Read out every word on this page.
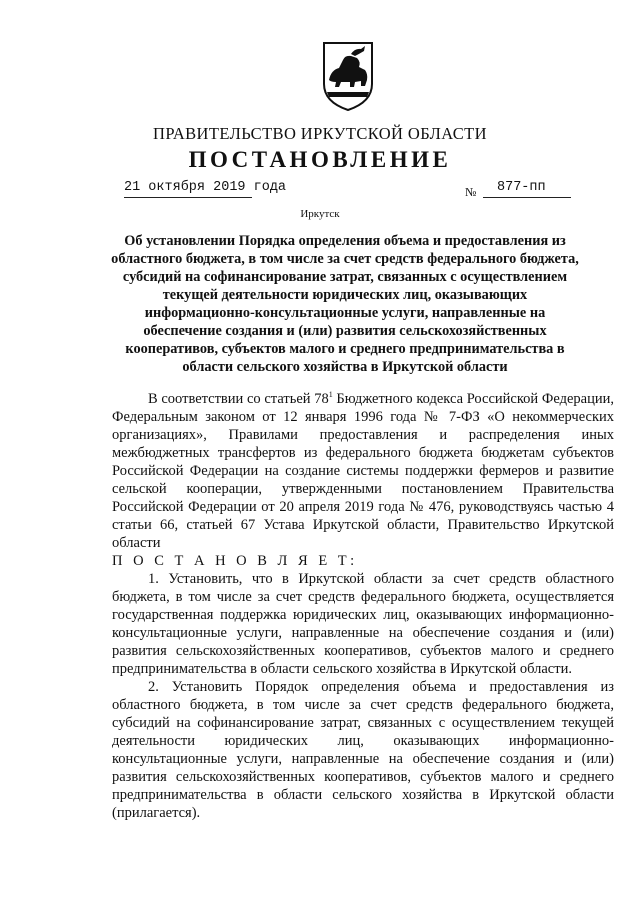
ПРАВИТЕЛЬСТВО ИРКУТСКОЙ ОБЛАСТИ
ПОСТАНОВЛЕНИЕ
21 октября 2019 года	№	877-пп
Иркутск
Об установлении Порядка определения объема и предоставления из областного бюджета, в том числе за счет средств федерального бюджета, субсидий на софинансирование затрат, связанных с осуществлением текущей деятельности юридических лиц, оказывающих информационно-консультационные услуги, направленные на обеспечение создания и (или) развития сельскохозяйственных кооперативов, субъектов малого и среднего предпринимательства в области сельского хозяйства в Иркутской области

В соответствии со статьей $78^1$ Бюджетного кодекса Российской Федерации, Федеральным законом от 12 января 1996 года № 7-ФЗ «О некоммерческих организациях», Правилами предоставления и распределения иных межбюджетных трансфертов из федерального бюджета бюджетам субъектов Российской Федерации на создание системы поддержки фермеров и развитие сельской кооперации, утвержденными постановлением Правительства Российской Федерации от 20 апреля 2019 года № 476, руководствуясь частью 4 статьи 66, статьей 67 Устава Иркутской области, Правительство Иркутской области

П О С Т А Н О В Л Я Е Т:

1. Установить, что в Иркутской области за счет средств областного бюджета, в том числе за счет средств федерального бюджета, осуществляется государственная поддержка юридических лиц, оказывающих информационно-консультационные услуги, направленные на обеспечение создания и (или) развития сельскохозяйственных кооперативов, субъектов малого и среднего предпринимательства в области сельского хозяйства в Иркутской области.

2. Установить Порядок определения объема и предоставления из областного бюджета, в том числе за счет средств федерального бюджета, субсидий на софинансирование затрат, связанных с осуществлением текущей деятельности юридических лиц, оказывающих информационно-консультационные услуги, направленные на обеспечение создания и (или) развития сельскохозяйственных кооперативов, субъектов малого и среднего предпринимательства в области сельского хозяйства в Иркутской области (прилагается).
